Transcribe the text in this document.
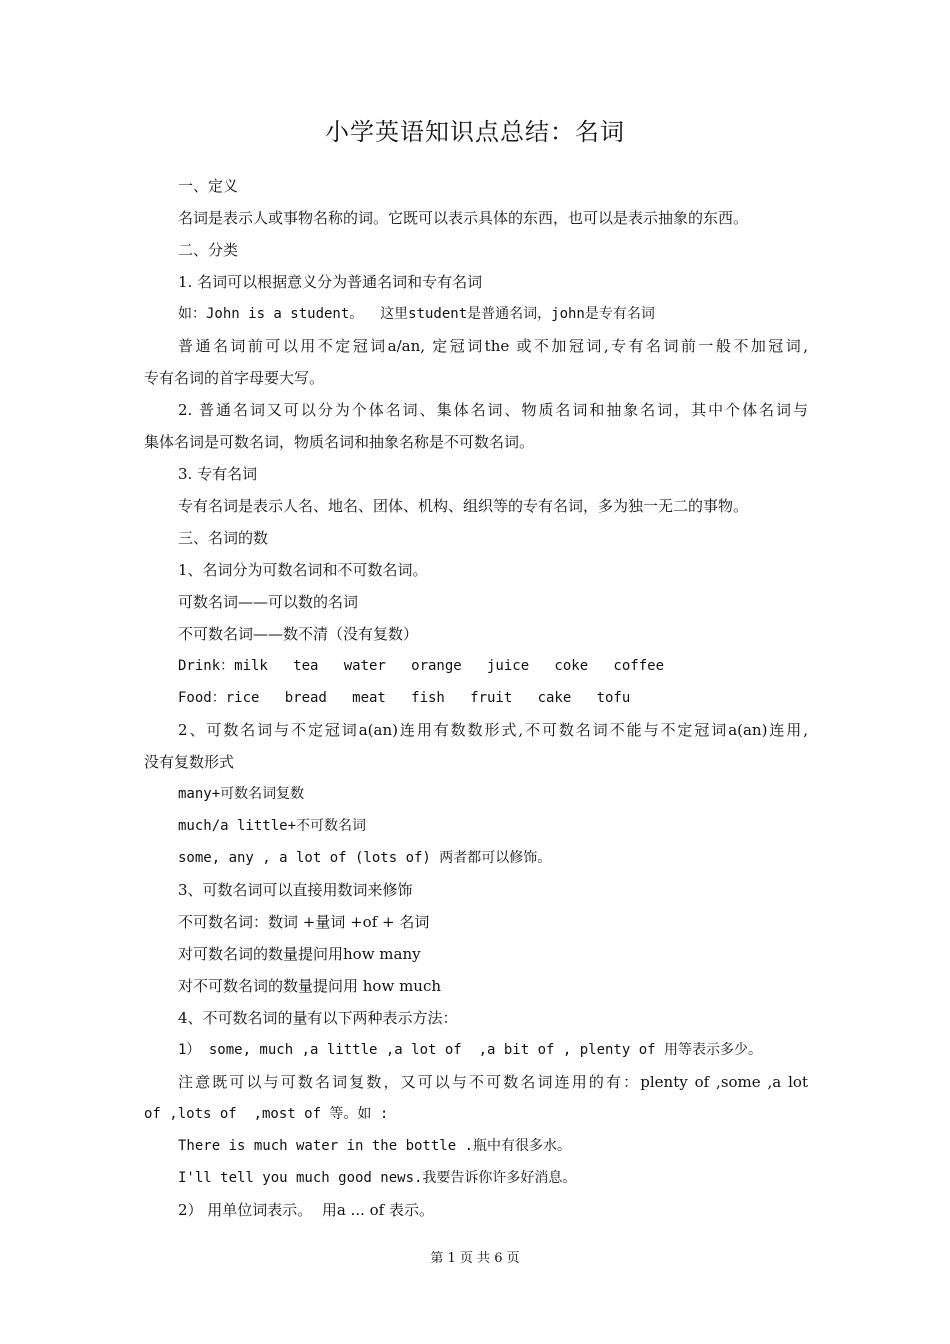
小学英语知识点总结：名词
一、定义
名词是表示人或事物名称的词。它既可以表示具体的东西，也可以是表示抽象的东西。
二、分类
1. 名词可以根据意义分为普通名词和专有名词
如：John is a student。  这里student是普通名词，john是专有名词
普通名词前可以用不定冠词a/an, 定冠词the 或不加冠词,专有名词前一般不加冠词,
专有名词的首字母要大写。
2. 普通名词又可以分为个体名词、集体名词、物质名词和抽象名词，其中个体名词与
集体名词是可数名词，物质名词和抽象名称是不可数名词。
3. 专有名词
专有名词是表示人名、地名、团体、机构、组织等的专有名词，多为独一无二的事物。
三、名词的数
1、名词分为可数名词和不可数名词。
可数名词——可以数的名词
不可数名词——数不清（没有复数）
Drink：milk   tea   water   orange   juice   coke   coffee
Food：rice   bread   meat   fish   fruit   cake   tofu
2、可数名词与不定冠词a(an)连用有数数形式,不可数名词不能与不定冠词a(an)连用,
没有复数形式
many+可数名词复数
much/a little+不可数名词
some, any , a lot of (lots of) 两者都可以修饰。
3、可数名词可以直接用数词来修饰
不可数名词：数词 +量词 +of + 名词
对可数名词的数量提问用how many
对不可数名词的数量提问用 how much
4、不可数名词的量有以下两种表示方法：
1） some, much ,a little ,a lot of  ,a bit of , plenty of 用等表示多少。
注意既可以与可数名词复数，又可以与不可数名词连用的有：plenty of ,some ,a lot
of ,lots of  ,most of 等。如 :
There is much water in the bottle .瓶中有很多水。
I'll tell you much good news.我要告诉你许多好消息。
2） 用单位词表示。  用a ... of 表示。
第 1 页 共 6 页
